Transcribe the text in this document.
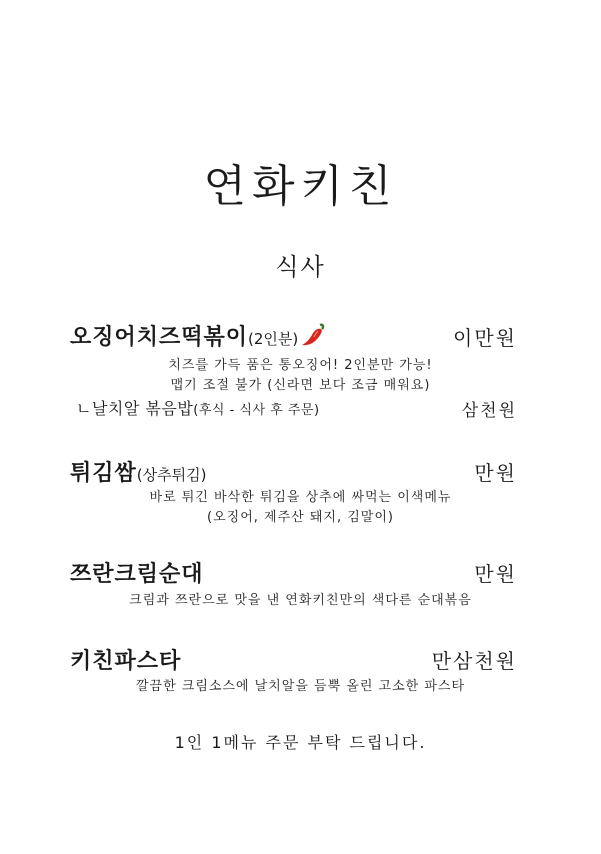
연화키친
식사
오징어치즈떡볶이(2인분)	이만원
치즈를 가득 품은 통오징어! 2인분만 가능!
맵기 조절 불가 (신라면 보다 조금 매워요)
ㄴ날치알 볶음밥(후식 - 식사 후 주문)	삼천원
튀김쌈(상추튀김)	만원
바로 튀긴 바삭한 튀김을 상추에 싸먹는 이색메뉴
(오징어, 제주산 돼지, 김말이)
쯔란크림순대	만원
크림과 쯔란으로 맛을 낸 연화키친만의 색다른 순대볶음
키친파스타	만삼천원
깔끔한 크림소스에 날치알을 듬뿍 올린 고소한 파스타
1인 1메뉴 주문 부탁 드립니다.
